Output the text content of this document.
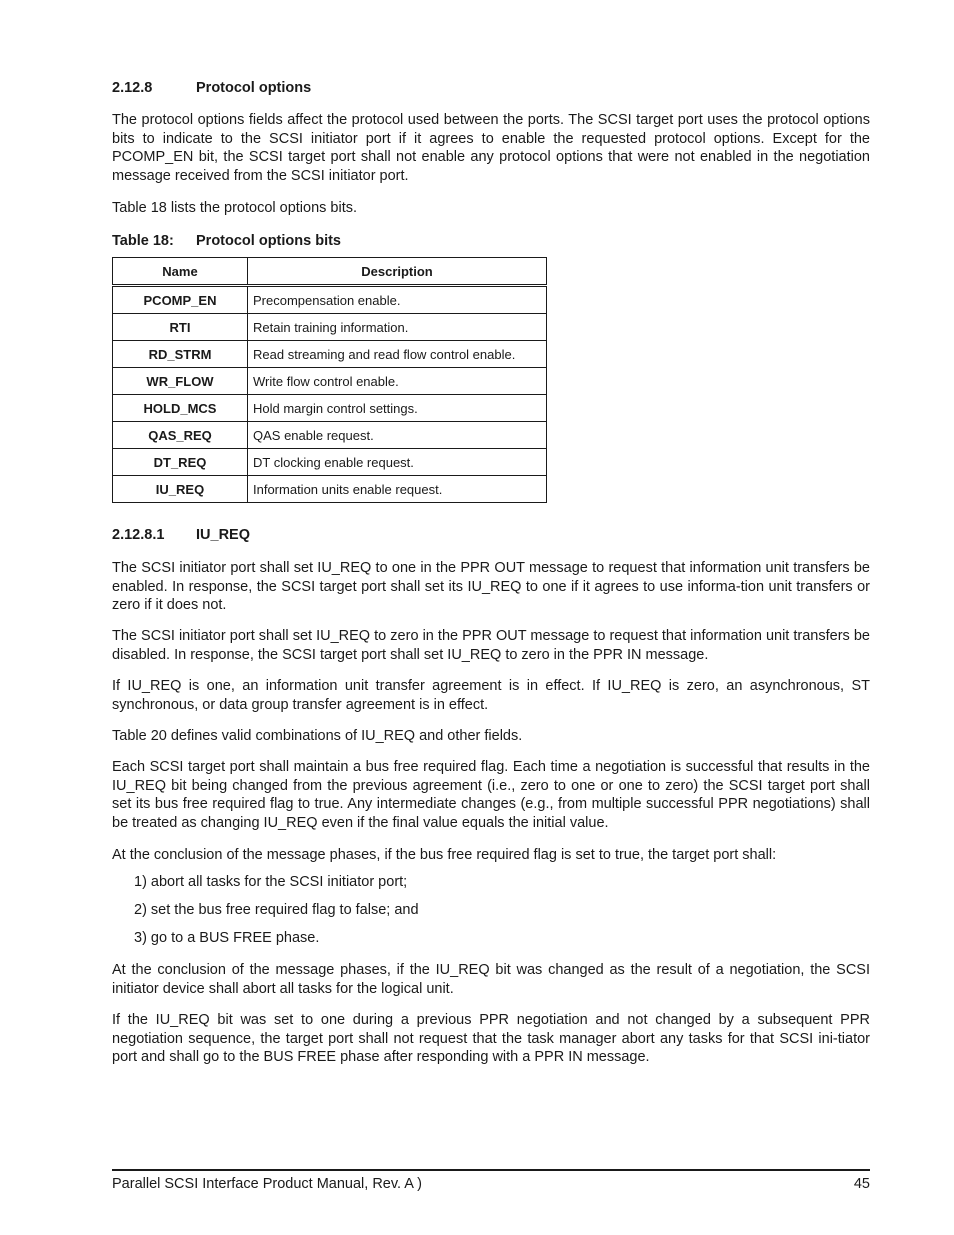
2.12.8	Protocol options

The protocol options fields affect the protocol used between the ports. The SCSI target port uses the protocol options bits to indicate to the SCSI initiator port if it agrees to enable the requested protocol options. Except for the PCOMP_EN bit, the SCSI target port shall not enable any protocol options that were not enabled in the negotiation message received from the SCSI initiator port.

Table 18 lists the protocol options bits.

Table 18: Protocol options bits
Name	Description
PCOMP_EN	Precompensation enable.
RTI	Retain training information.
RD_STRM	Read streaming and read flow control enable.
WR_FLOW	Write flow control enable.
HOLD_MCS	Hold margin control settings.
QAS_REQ	QAS enable request.
DT_REQ	DT clocking enable request.
IU_REQ	Information units enable request.
2.12.8.1 IU_REQ

The SCSI initiator port shall set IU_REQ to one in the PPR OUT message to request that information unit transfers be enabled. In response, the SCSI target port shall set its IU_REQ to one if it agrees to use informa-tion unit transfers or zero if it does not.

The SCSI initiator port shall set IU_REQ to zero in the PPR OUT message to request that information unit transfers be disabled. In response, the SCSI target port shall set IU_REQ to zero in the PPR IN message.

If IU_REQ is one, an information unit transfer agreement is in effect. If IU_REQ is zero, an asynchronous, ST synchronous, or data group transfer agreement is in effect.

Table 20 defines valid combinations of IU_REQ and other fields.

Each SCSI target port shall maintain a bus free required flag. Each time a negotiation is successful that results in the IU_REQ bit being changed from the previous agreement (i.e., zero to one or one to zero) the SCSI target port shall set its bus free required flag to true. Any intermediate changes (e.g., from multiple successful PPR negotiations) shall be treated as changing IU_REQ even if the final value equals the initial value.

At the conclusion of the message phases, if the bus free required flag is set to true, the target port shall:

1) abort all tasks for the SCSI initiator port;
2) set the bus free required flag to false; and
3) go to a BUS FREE phase.

At the conclusion of the message phases, if the IU_REQ bit was changed as the result of a negotiation, the SCSI initiator device shall abort all tasks for the logical unit.

If the IU_REQ bit was set to one during a previous PPR negotiation and not changed by a subsequent PPR negotiation sequence, the target port shall not request that the task manager abort any tasks for that SCSI ini-tiator port and shall go to the BUS FREE phase after responding with a PPR IN message.

Parallel SCSI Interface Product Manual, Rev. A )	45
